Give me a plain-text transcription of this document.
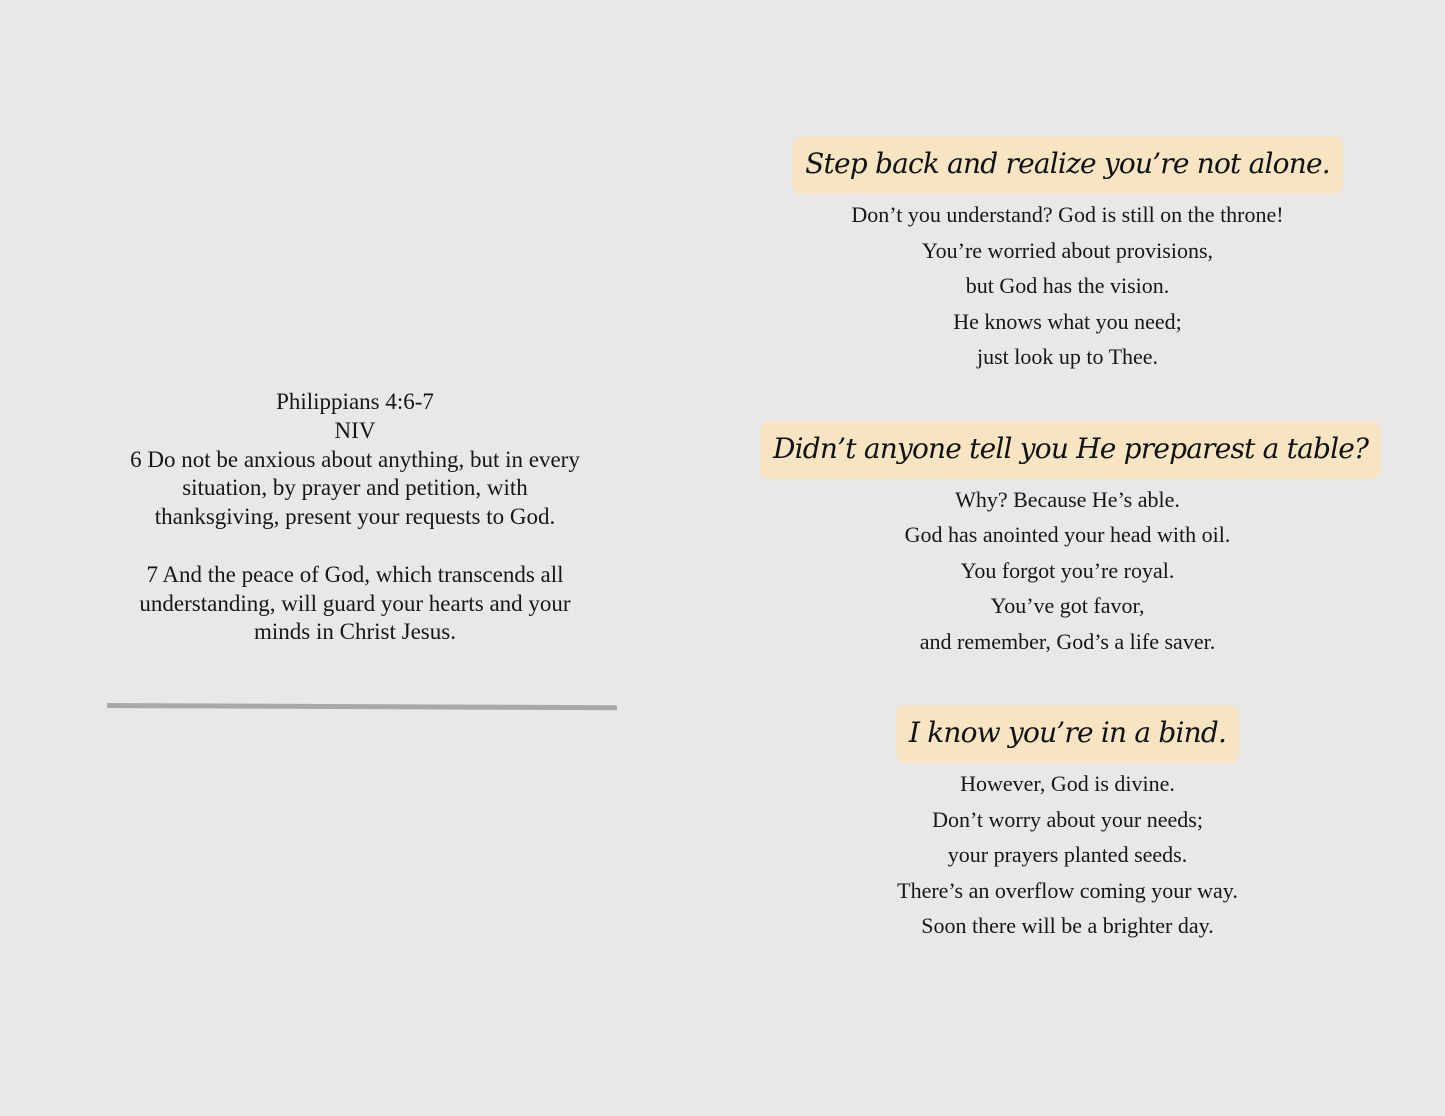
Philippians 4:6-7

NIV

6 Do not be anxious about anything, but in every situation, by prayer and petition, with thanksgiving, present your requests to God.

7 And the peace of God, which transcends all understanding, will guard your hearts and your minds in Christ Jesus.

Step back and realize you’re not alone.
Don’t you understand? God is still on the throne!
You’re worried about provisions,
but God has the vision.
He knows what you need;
just look up to Thee.
Didn’t anyone tell you He preparest a table?
Why? Because He’s able.
God has anointed your head with oil.
You forgot you’re royal.
You’ve got favor,
and remember, God’s a life saver.
I know you’re in a bind.
However, God is divine.
Don’t worry about your needs;
your prayers planted seeds.
There’s an overflow coming your way.
Soon there will be a brighter day.
